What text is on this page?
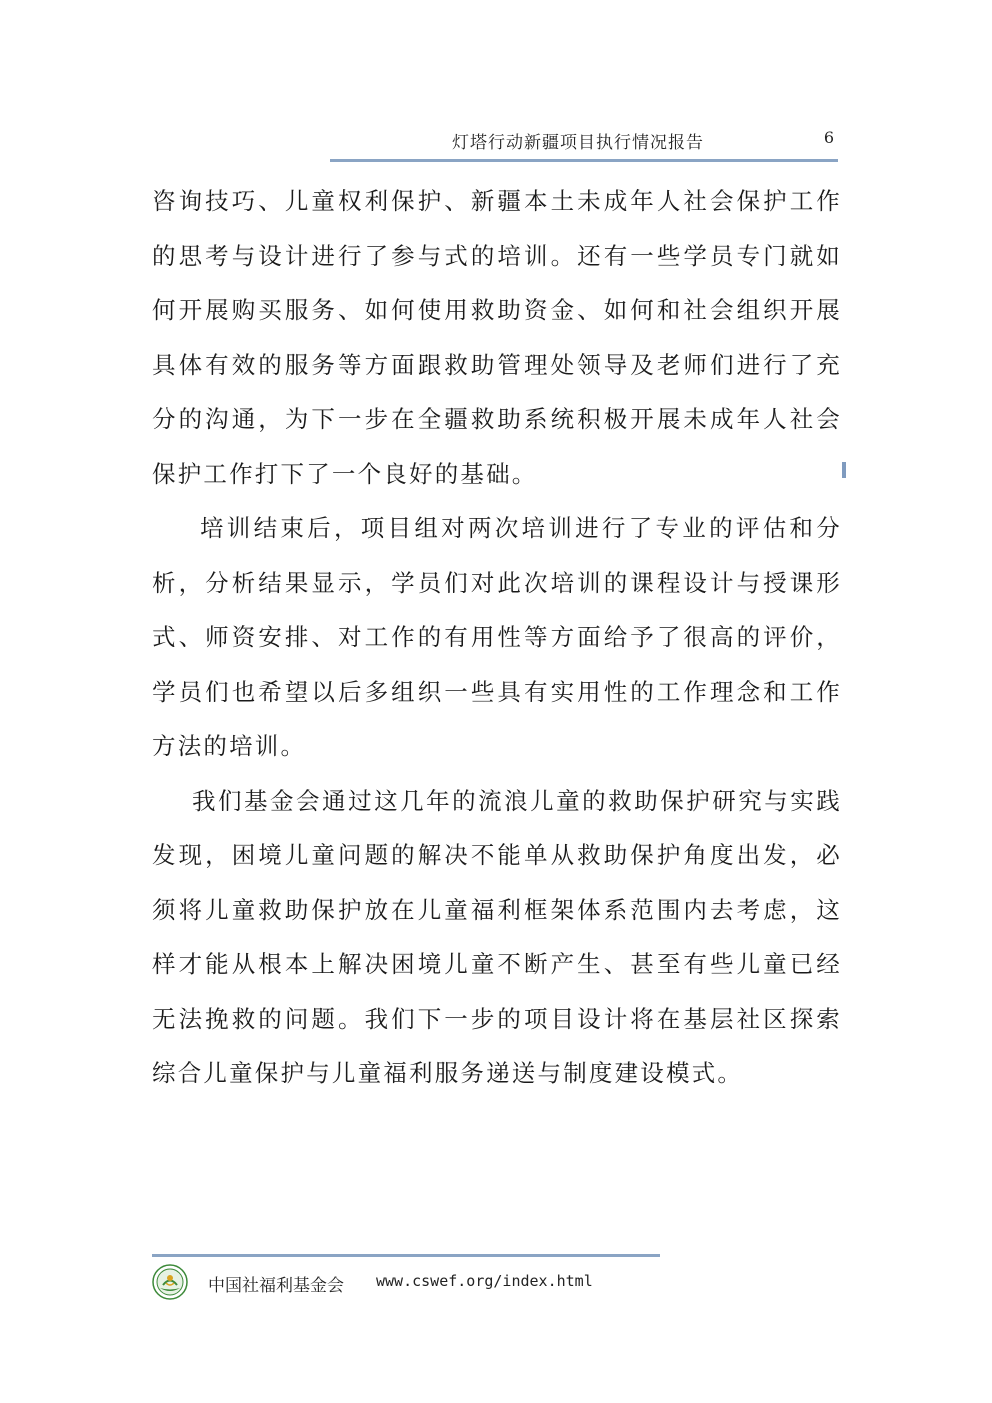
灯塔行动新疆项目执行情况报告	6

咨询技巧、儿童权利保护、新疆本土未成年人社会保护工作的思考与设计进行了参与式的培训。还有一些学员专门就如何开展购买服务、如何使用救助资金、如何和社会组织开展具体有效的服务等方面跟救助管理处领导及老师们进行了充分的沟通，为下一步在全疆救助系统积极开展未成年人社会保护工作打下了一个良好的基础。

培训结束后，项目组对两次培训进行了专业的评估和分析，分析结果显示，学员们对此次培训的课程设计与授课形式、师资安排、对工作的有用性等方面给予了很高的评价，学员们也希望以后多组织一些具有实用性的工作理念和工作方法的培训。

我们基金会通过这几年的流浪儿童的救助保护研究与实践发现，困境儿童问题的解决不能单从救助保护角度出发，必须将儿童救助保护放在儿童福利框架体系范围内去考虑，这样才能从根本上解决困境儿童不断产生、甚至有些儿童已经无法挽救的问题。我们下一步的项目设计将在基层社区探索综合儿童保护与儿童福利服务递送与制度建设模式。

中国社福利基金会 www.cswef.org/index.html
